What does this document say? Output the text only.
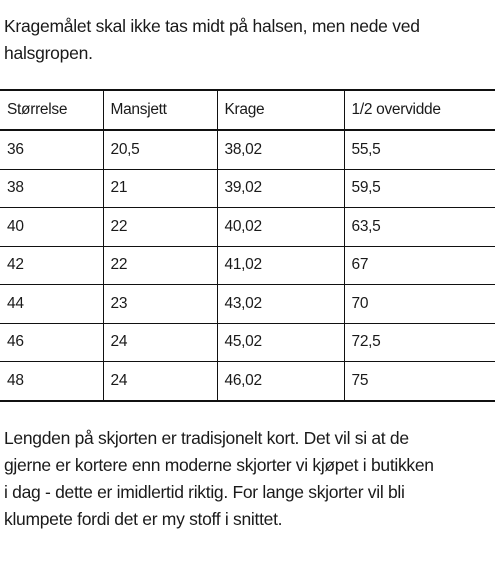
Kragemålet skal ikke tas midt på halsen, men nede ved
halsgropen.

Størrelse	Mansjett	Krage	1/2 overvidde
36	20,5	38,02	55,5
38	21	39,02	59,5
40	22	40,02	63,5
42	22	41,02	67
44	23	43,02	70
46	24	45,02	72,5
48	24	46,02	75

Lengden på skjorten er tradisjonelt kort. Det vil si at de
gjerne er kortere enn moderne skjorter vi kjøpet i butikken
i dag - dette er imidlertid riktig. For lange skjorter vil bli
klumpete fordi det er my stoff i snittet.
